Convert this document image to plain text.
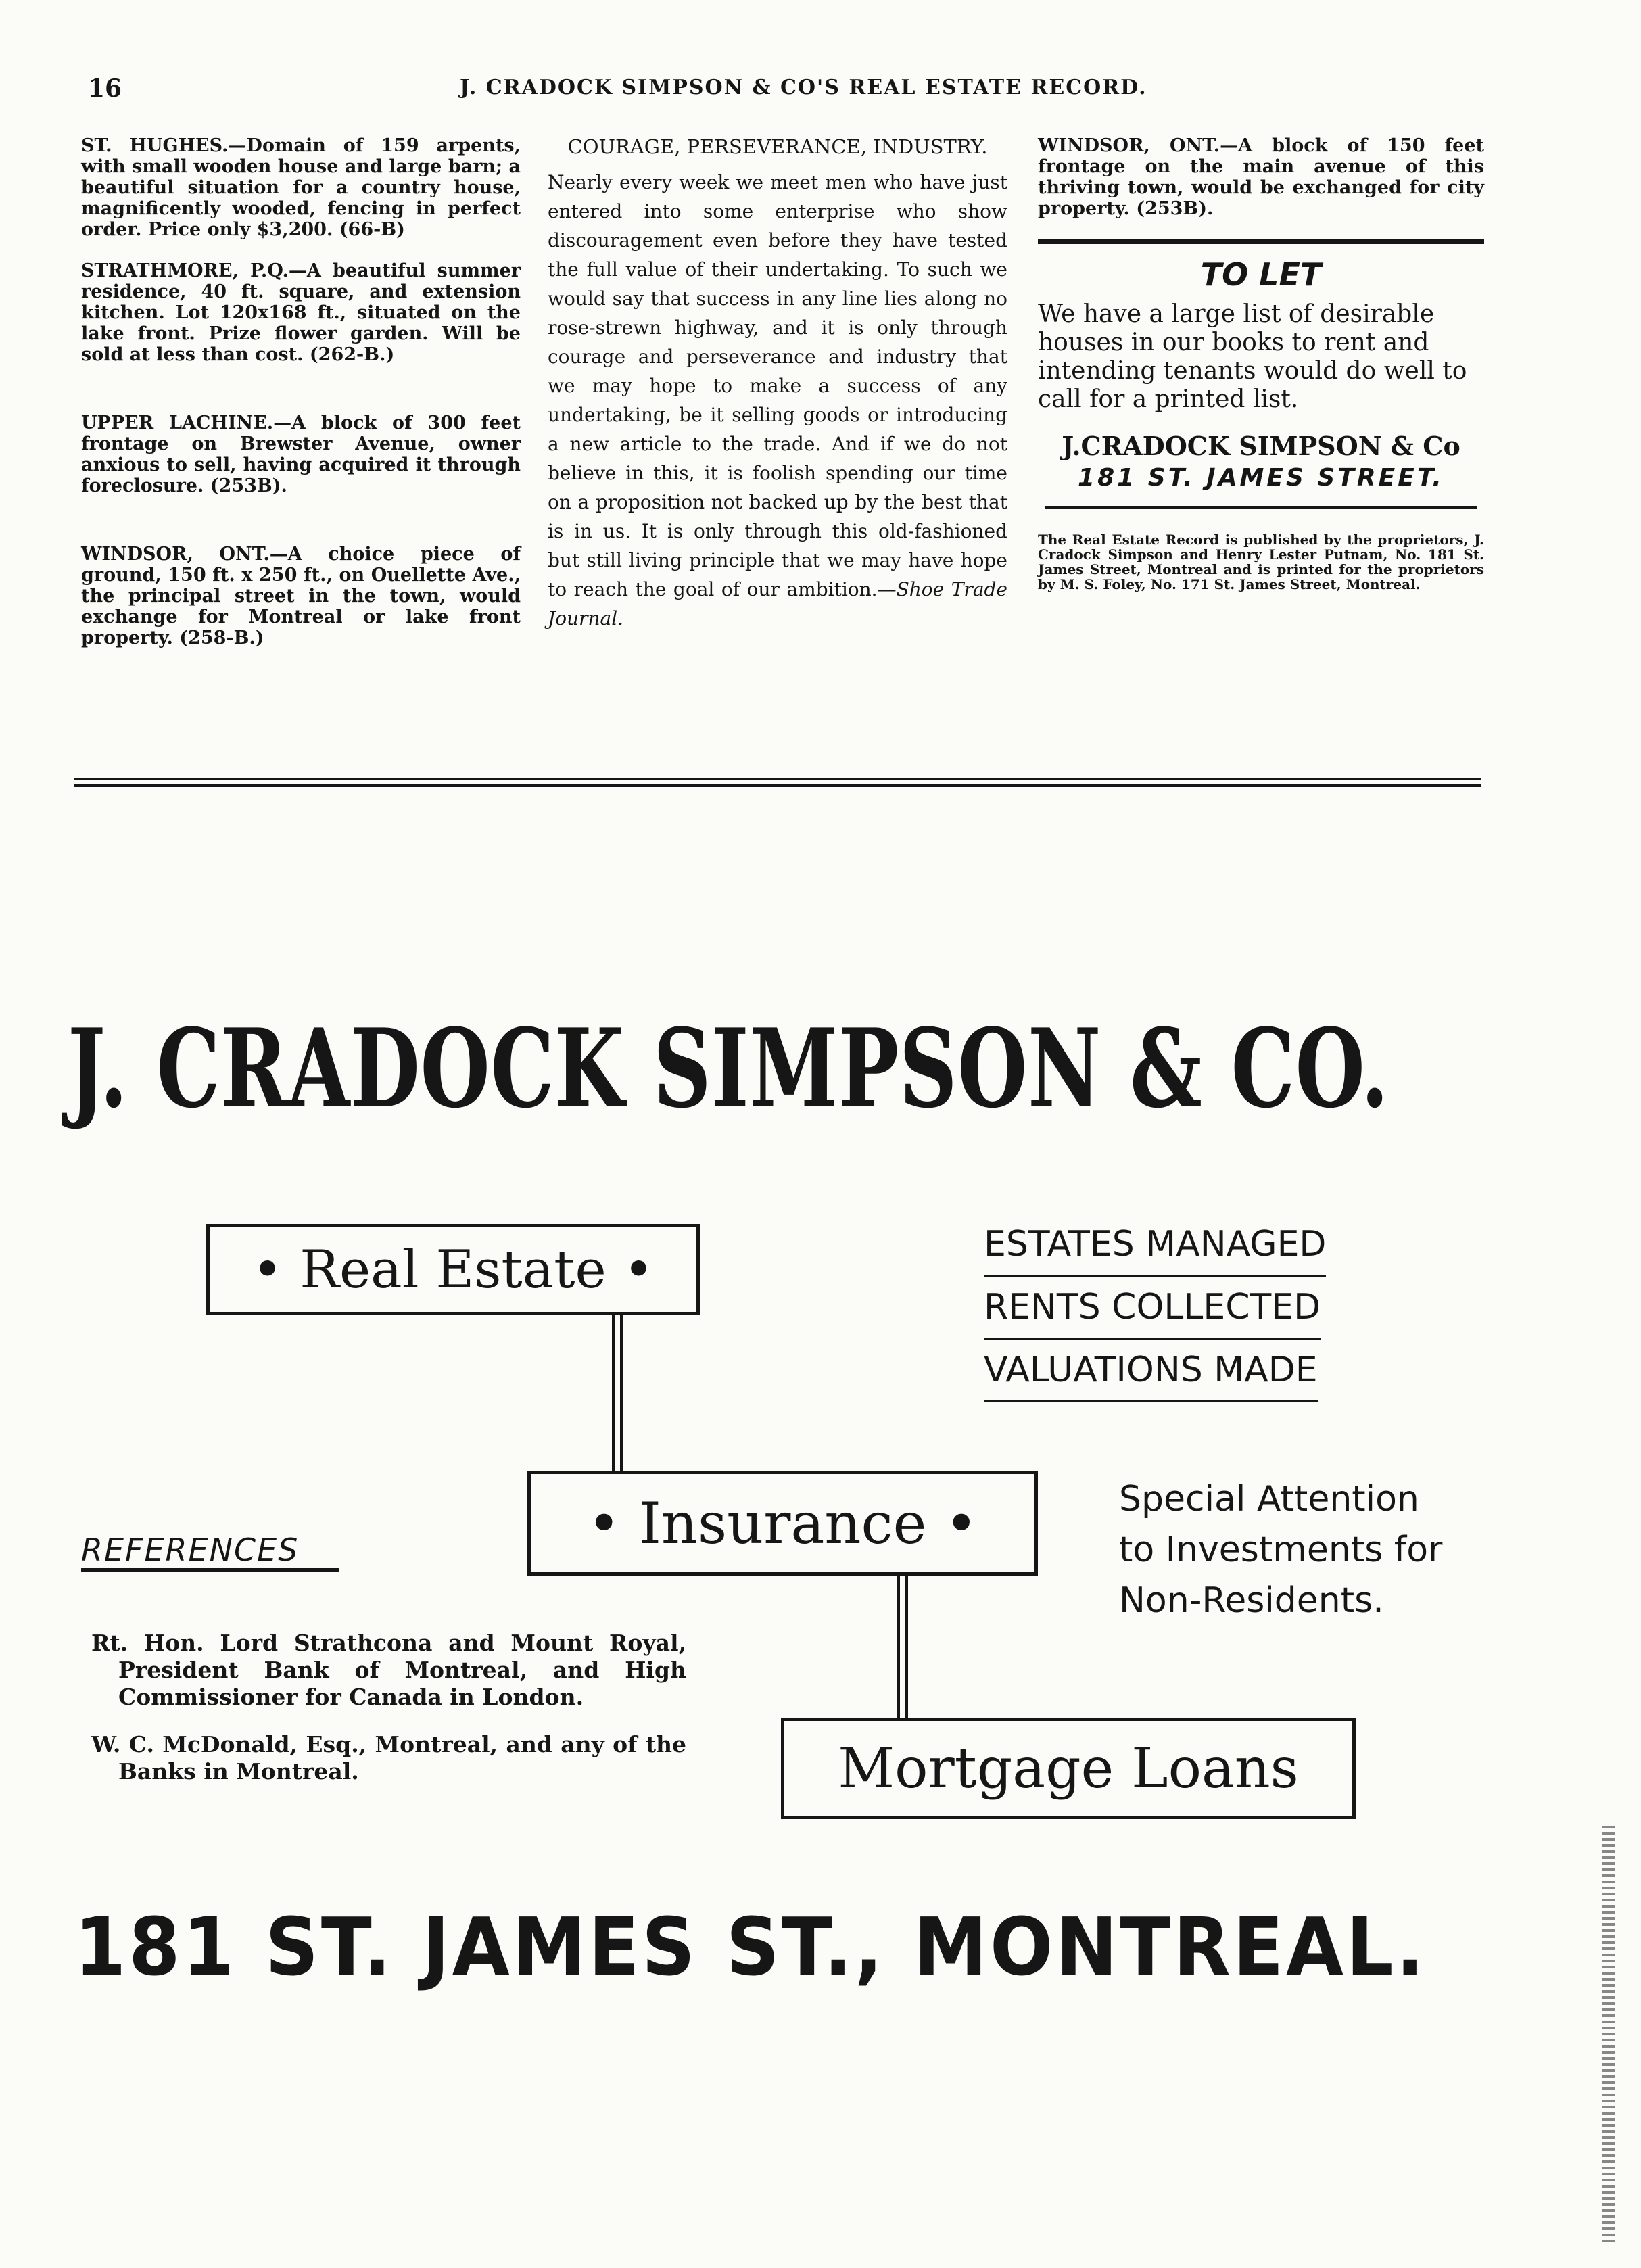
16	J. CRADOCK SIMPSON & CO'S REAL ESTATE RECORD.
ST. HUGHES.—Domain of 159 arpents, with small wooden house and large barn; a beautiful situation for a country house, magnificently wooded, fencing in perfect order. Price only $3,200. (66-B)
STRATHMORE, P.Q.—A beautiful summer residence, 40 ft. square, and extension kitchen. Lot 120x168 ft., situated on the lake front. Prize flower garden. Will be sold at less than cost. (262-B.)
UPPER LACHINE.—A block of 300 feet frontage on Brewster Avenue, owner anxious to sell, having acquired it through foreclosure. (253B).
WINDSOR, ONT.—A choice piece of ground, 150 ft. x 250 ft., on Ouellette Ave., the principal street in the town, would exchange for Montreal or lake front property. (258-B.)
COURAGE, PERSEVERANCE, INDUSTRY.
Nearly every week we meet men who have just entered into some enterprise who show discouragement even before they have tested the full value of their undertaking. To such we would say that success in any line lies along no rose-strewn highway, and it is only through courage and perseverance and industry that we may hope to make a success of any undertaking, be it selling goods or introducing a new article to the trade. And if we do not believe in this, it is foolish spending our time on a proposition not backed up by the best that is in us. It is only through this old-fashioned but still living principle that we may have hope to reach the goal of our ambition.—Shoe Trade Journal.
WINDSOR, ONT.—A block of 150 feet frontage on the main avenue of this thriving town, would be exchanged for city property. (253B).
TO LET
We have a large list of desirable houses in our books to rent and intending tenants would do well to call for a printed list.
J.CRADOCK SIMPSON & Co
181 ST. JAMES STREET.
The Real Estate Record is published by the proprietors, J. Cradock Simpson and Henry Lester Putnam, No. 181 St. James Street, Montreal and is printed for the proprietors by M. S. Foley, No. 171 St. James Street, Montreal.
J. CRADOCK SIMPSON & CO.
• Real Estate •
• Insurance •
Mortgage Loans
ESTATES MANAGED
RENTS COLLECTED
VALUATIONS MADE
Special Attention
to Investments for
Non-Residents.
REFERENCES

Rt. Hon. Lord Strathcona and Mount Royal, President Bank of Montreal, and High Commissioner for Canada in London.

W. C. McDonald, Esq., Montreal, and any of the Banks in Montreal.

181 ST. JAMES ST., MONTREAL.
